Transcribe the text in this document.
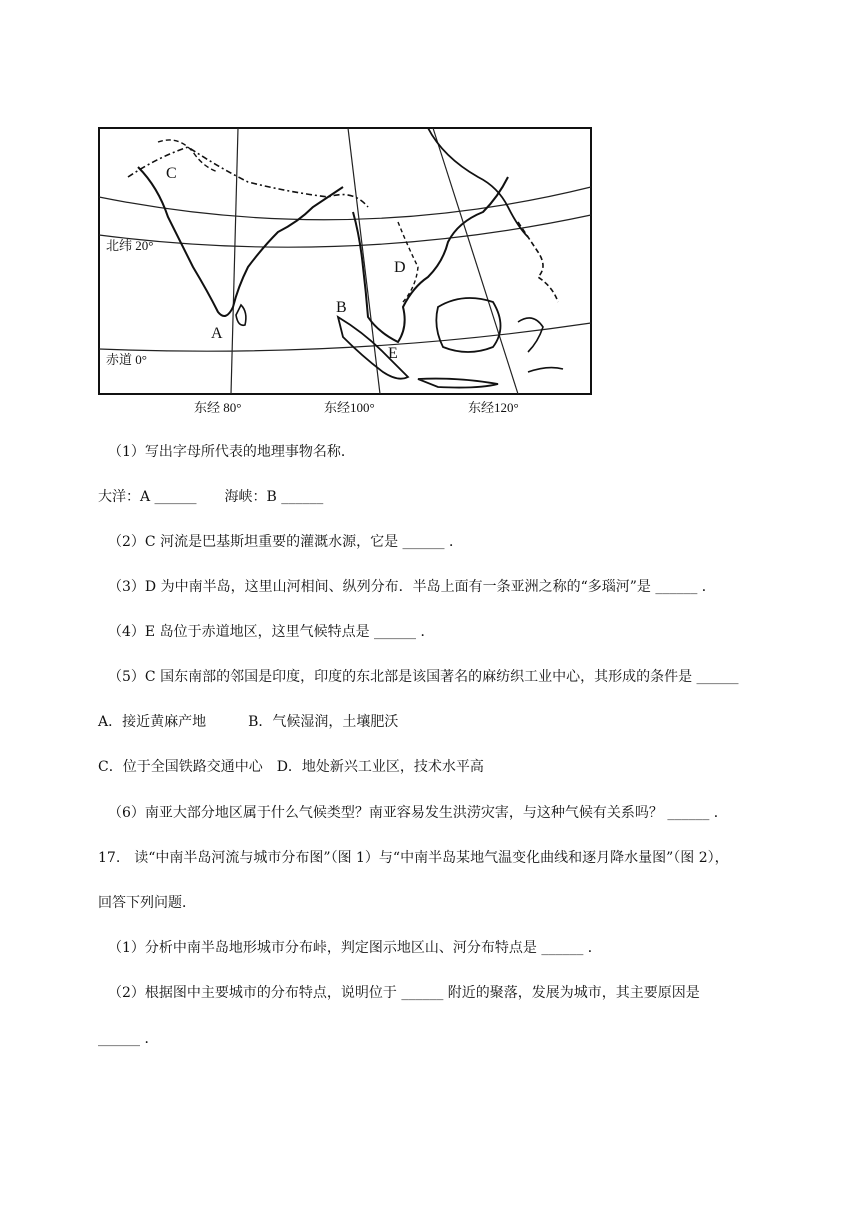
北纬 20°
赤道 0°
东经 80°	东经100°	东经120°
A
B
C
D
E
（1）写出字母所代表的地理事物名称．
大洋：A ______　　海峡：B ______
（2）C 河流是巴基斯坦重要的灌溉水源，它是 ______ ．
（3）D 为中南半岛，这里山河相间、纵列分布．半岛上面有一条亚洲之称的“多瑙河”是 ______ ．
（4）E 岛位于赤道地区，这里气候特点是 ______ ．
（5）C 国东南部的邻国是印度，印度的东北部是该国著名的麻纺织工业中心，其形成的条件是 ______
A．接近黄麻产地　　　B．气候湿润，土壤肥沃
C．位于全国铁路交通中心　D．地处新兴工业区，技术水平高
（6）南亚大部分地区属于什么气候类型？南亚容易发生洪涝灾害，与这种气候有关系吗？ ______ ．
17.　读“中南半岛河流与城市分布图”（图 1）与“中南半岛某地气温变化曲线和逐月降水量图”（图 2），
回答下列问题．
（1）分析中南半岛地形城市分布峠，判定图示地区山、河分布特点是 ______ ．
（2）根据图中主要城市的分布特点，说明位于 ______ 附近的聚落，发展为城市，其主要原因是
______ ．
